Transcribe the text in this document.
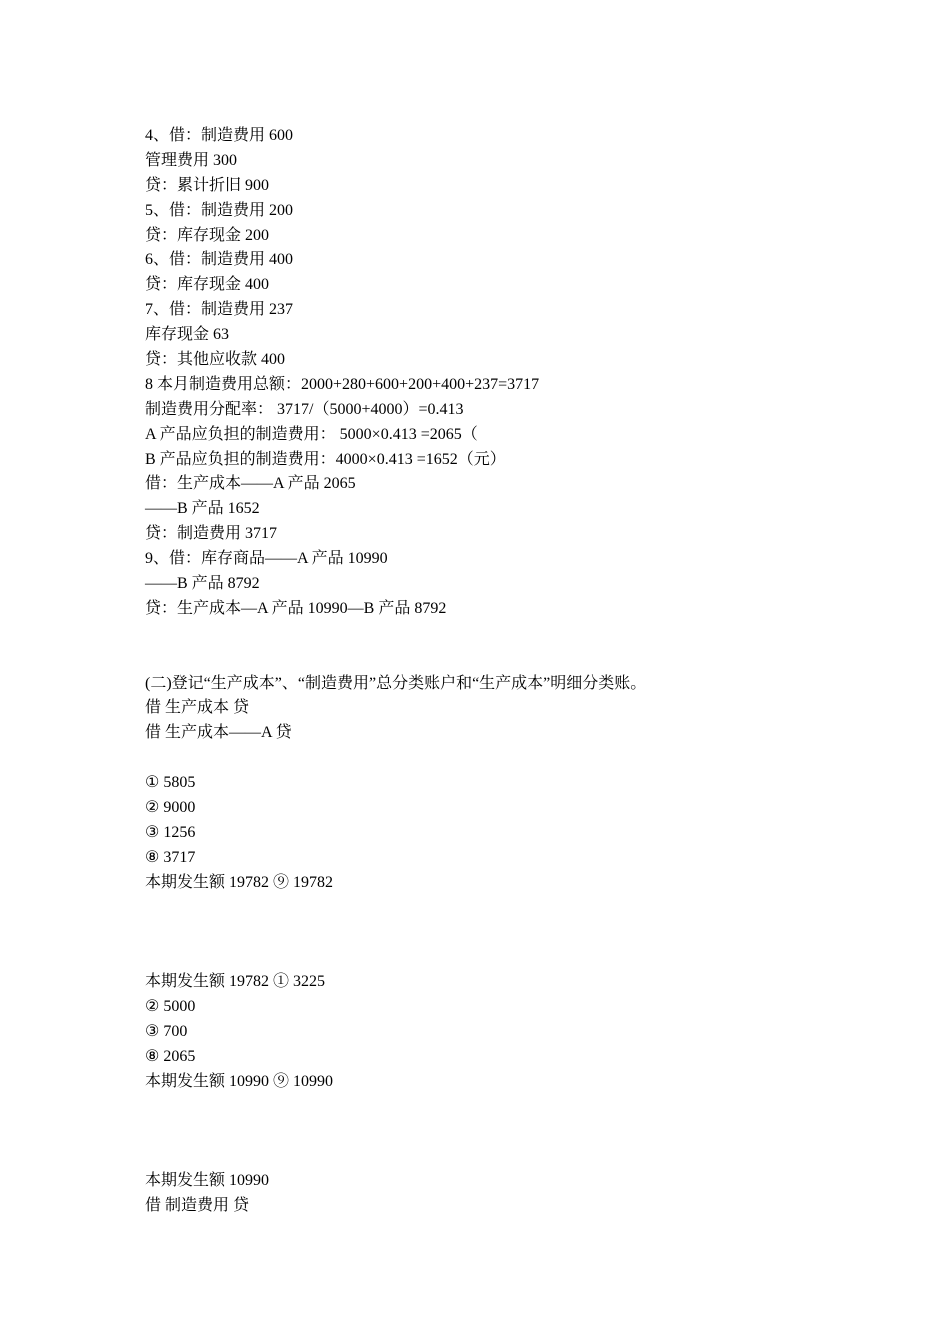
4、借：制造费用 600
管理费用 300
贷：累计折旧 900
5、借：制造费用 200
贷：库存现金 200
6、借：制造费用 400
贷：库存现金 400
7、借：制造费用 237
库存现金 63
贷：其他应收款 400
8 本月制造费用总额：2000+280+600+200+400+237=3717
制造费用分配率： 3717/（5000+4000）=0.413
A 产品应负担的制造费用： 5000×0.413 =2065（
B 产品应负担的制造费用：4000×0.413 =1652（元）
借：生产成本——A 产品 2065
——B 产品 1652
贷：制造费用 3717
9、借：库存商品——A 产品 10990
——B 产品 8792
贷：生产成本—A 产品 10990—B 产品 8792
(二)登记“生产成本”、“制造费用”总分类账户和“生产成本”明细分类账。
借 生产成本 贷
借 生产成本——A 贷
① 5805
② 9000
③ 1256
⑧ 3717
本期发生额 19782 ⑨ 19782
本期发生额 19782 ① 3225
② 5000
③ 700
⑧ 2065
本期发生额 10990 ⑨ 10990
本期发生额 10990
借 制造费用 贷
